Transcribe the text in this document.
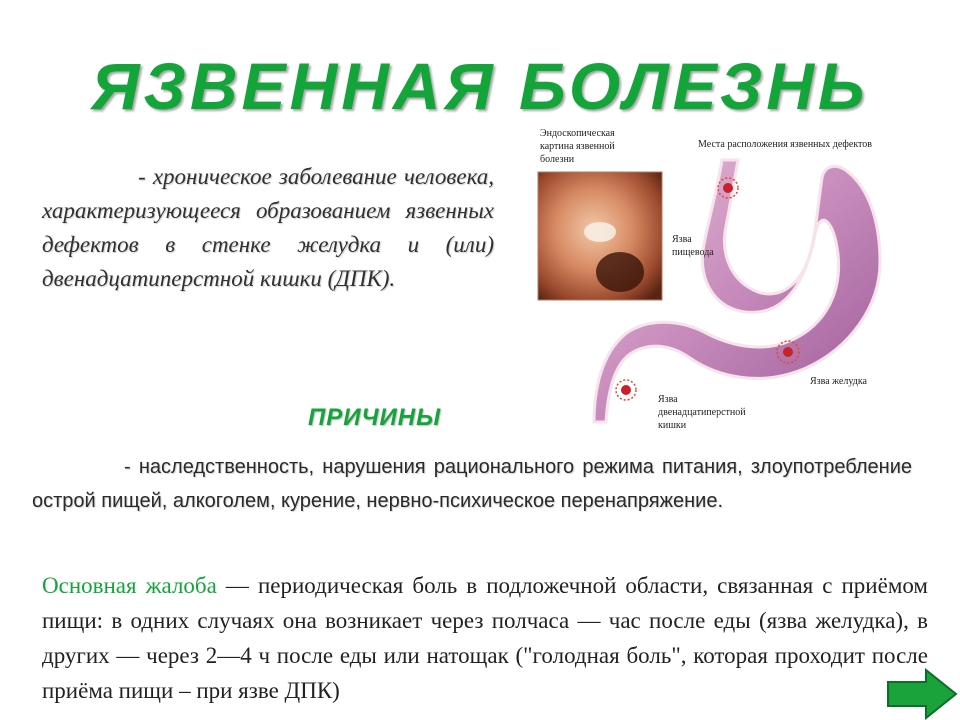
ЯЗВЕННАЯ БОЛЕЗНЬ

- хроническое заболевание человека, характеризующееся образованием язвенных дефектов в стенке желудка и (или) двенадцатиперстной кишки (ДПК).

Эндоскопическая
картина язвенной
болезни
Места расположения язвенных дефектов
Язва
пищевода
Язва желудка
Язва
двенадцатиперстной
кишки
ПРИЧИНЫ

- наследственность, нарушения рационального режима питания, злоупотребление острой пищей, алкоголем, курение, нервно-психическое перенапряжение.

Основная жалоба — периодическая боль в подложечной области, связанная с приёмом пищи: в одних случаях она возникает через полчаса — час после еды (язва желудка), в других — через 2—4 ч после еды или натощак ("голодная боль", которая проходит после приёма пищи – при язве ДПК)
